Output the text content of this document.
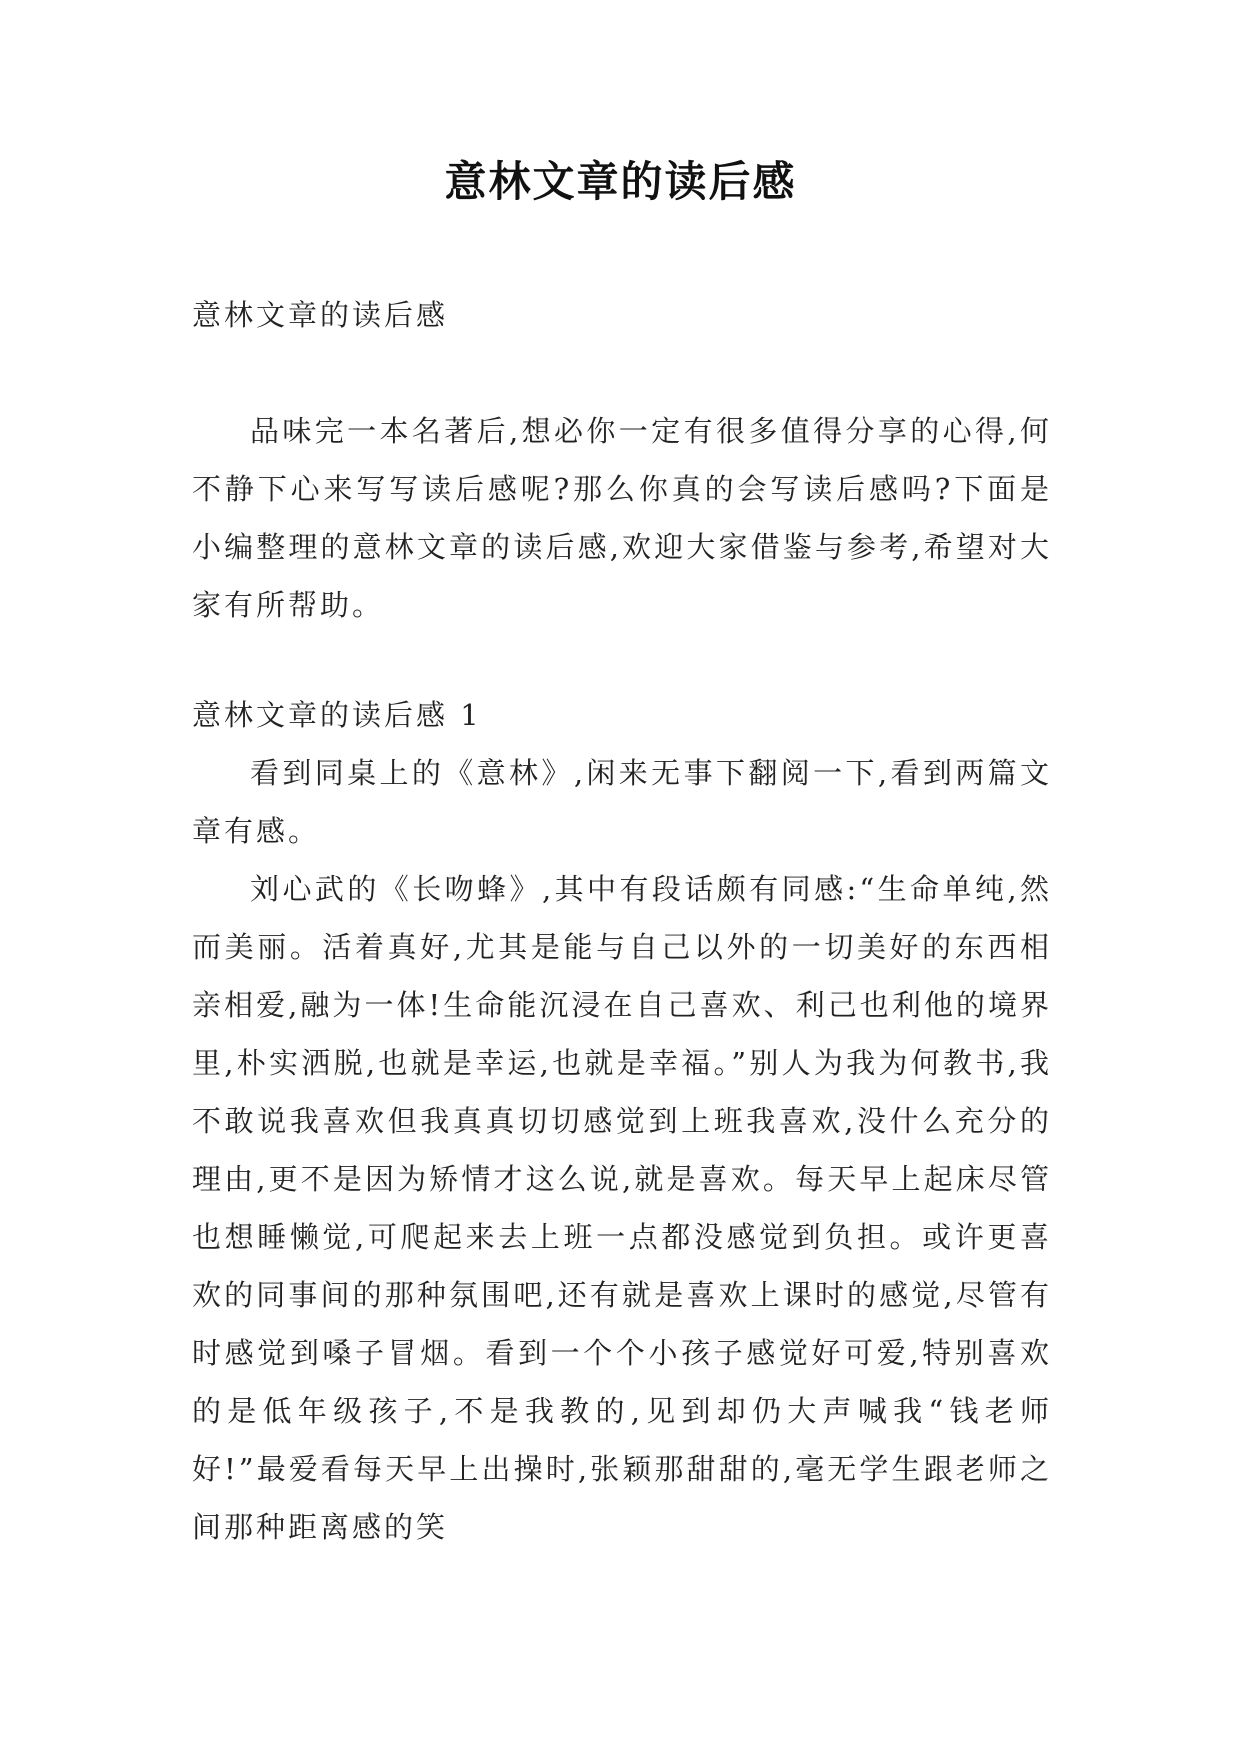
意林文章的读后感

意林文章的读后感

品味完一本名著后,想必你一定有很多值得分享的心得,何不静下心来写写读后感呢?那么你真的会写读后感吗?下面是小编整理的意林文章的读后感,欢迎大家借鉴与参考,希望对大家有所帮助。

意林文章的读后感 1

看到同桌上的《意林》,闲来无事下翻阅一下,看到两篇文章有感。

刘心武的《长吻蜂》,其中有段话颇有同感:“生命单纯,然而美丽。活着真好,尤其是能与自己以外的一切美好的东西相亲相爱,融为一体!生命能沉浸在自己喜欢、利己也利他的境界里,朴实洒脱,也就是幸运,也就是幸福。”别人为我为何教书,我不敢说我喜欢但我真真切切感觉到上班我喜欢,没什么充分的理由,更不是因为矫情才这么说,就是喜欢。每天早上起床尽管也想睡懒觉,可爬起来去上班一点都没感觉到负担。或许更喜欢的同事间的那种氛围吧,还有就是喜欢上课时的感觉,尽管有时感觉到嗓子冒烟。看到一个个小孩子感觉好可爱,特别喜欢的是低年级孩子,不是我教的,见到却仍大声喊我“钱老师好!”最爱看每天早上出操时,张颖那甜甜的,毫无学生跟老师之间那种距离感的笑
